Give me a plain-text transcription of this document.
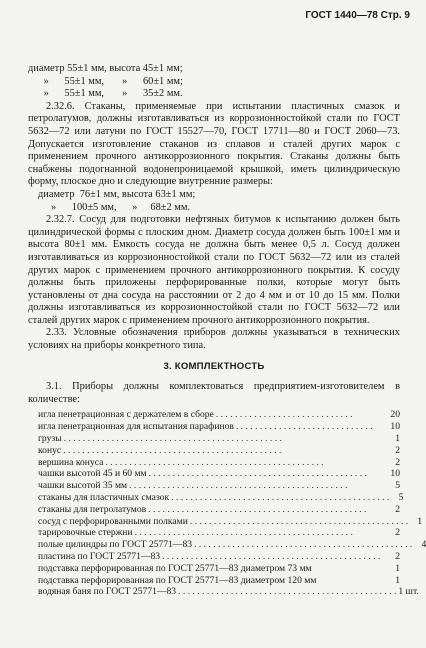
ГОСТ 1440—78 Стр. 9
диаметр 55±1 мм, высота 45±1 мм;
»      55±1 мм,       »      60±1 мм;
»      55±1 мм,       »      35±2 мм.

2.32.6. Стаканы, применяемые при испытании пластичных смазок и петролатумов, должны изготавливаться из коррозионностойкой стали по ГОСТ 5632—72 или латуни по ГОСТ 15527—70, ГОСТ 17711—80 и ГОСТ 2060—73. Допускается изготовление стаканов из сплавов и сталей других марок с применением прочного антикоррозионного покрытия. Стаканы должны быть снабжены подогнанной водонепроницаемой крышкой, иметь цилиндрическую форму, плоское дно и следующие внутренние размеры:

диаметр  76±1 мм, высота 63±1 мм;
»      100±5 мм,      »     68±2 мм.

2.32.7. Сосуд для подготовки нефтяных битумов к испытанию должен быть цилиндрической формы с плоским дном. Диаметр сосуда должен быть 100±1 мм и высота 80±1 мм. Емкость сосуда не должна быть менее 0,5 л. Сосуд должен изготавливаться из коррозионностойкой стали по ГОСТ 5632—72 или из сталей других марок с применением прочного антикоррозионного покрытия. К сосуду должны быть приложены перфорированные полки, которые могут быть установлены от дна сосуда на расстоянии от 2 до 4 мм и от 10 до 15 мм. Полки должны изготавливаться из коррозионностойкой стали по ГОСТ 5632—72 или сталей других марок с применением прочного антикоррозионного покрытия.

2.33. Условные обозначения приборов должны указываться в технических условиях на приборы конкретного типа.

3. КОМПЛЕКТНОСТЬ

3.1. Приборы должны комплектоваться предприятием-изготовителем в количестве:

игла пенетрационная с держателем в сборе . . . . . . . . . . . . . . . . . . . . . . . . . . . . .	20
игла пенетрационная для испытания парафинов . . . . . . . . . . . . . . . . . . . . . . . . . . . . .	10
грузы . . . . . . . . . . . . . . . . . . . . . . . . . . . . . . . . . . . . . . . . . . . . . .	1
конус . . . . . . . . . . . . . . . . . . . . . . . . . . . . . . . . . . . . . . . . . . . . . .	2
вершина конуса . . . . . . . . . . . . . . . . . . . . . . . . . . . . . . . . . . . . . . . . . . . . . .	2
чашки высотой 45 и 60 мм . . . . . . . . . . . . . . . . . . . . . . . . . . . . . . . . . . . . . . . . . . . . . .	10
чашки высотой 35 мм . . . . . . . . . . . . . . . . . . . . . . . . . . . . . . . . . . . . . . . . . . . . . .	5
стаканы для пластичных смазок . . . . . . . . . . . . . . . . . . . . . . . . . . . . . . . . . . . . . . . . . . . . . . 5
стаканы для петролатумов . . . . . . . . . . . . . . . . . . . . . . . . . . . . . . . . . . . . . . . . . . . . . .	2
сосуд с перфорированными полками . . . . . . . . . . . . . . . . . . . . . . . . . . . . . . . . . . . . . . . . . . . . . . 1
тарировочные стержни . . . . . . . . . . . . . . . . . . . . . . . . . . . . . . . . . . . . . . . . . . . . . .	2
полые цилиндры по ГОСТ 25771—83 . . . . . . . . . . . . . . . . . . . . . . . . . . . . . . . . . . . . . . . . . . . . . . 4
пластина по ГОСТ 25771—83 . . . . . . . . . . . . . . . . . . . . . . . . . . . . . . . . . . . . . . . . . . . . . .	2
подставка перфорированная по ГОСТ 25771—83 диаметром 73 мм	1
подставка перфорированная по ГОСТ 25771—83 диаметром 120 мм	1
водяная баня по ГОСТ 25771—83 . . . . . . . . . . . . . . . . . . . . . . . . . . . . . . . . . . . . . . . . . . . . . . 1 шт.
